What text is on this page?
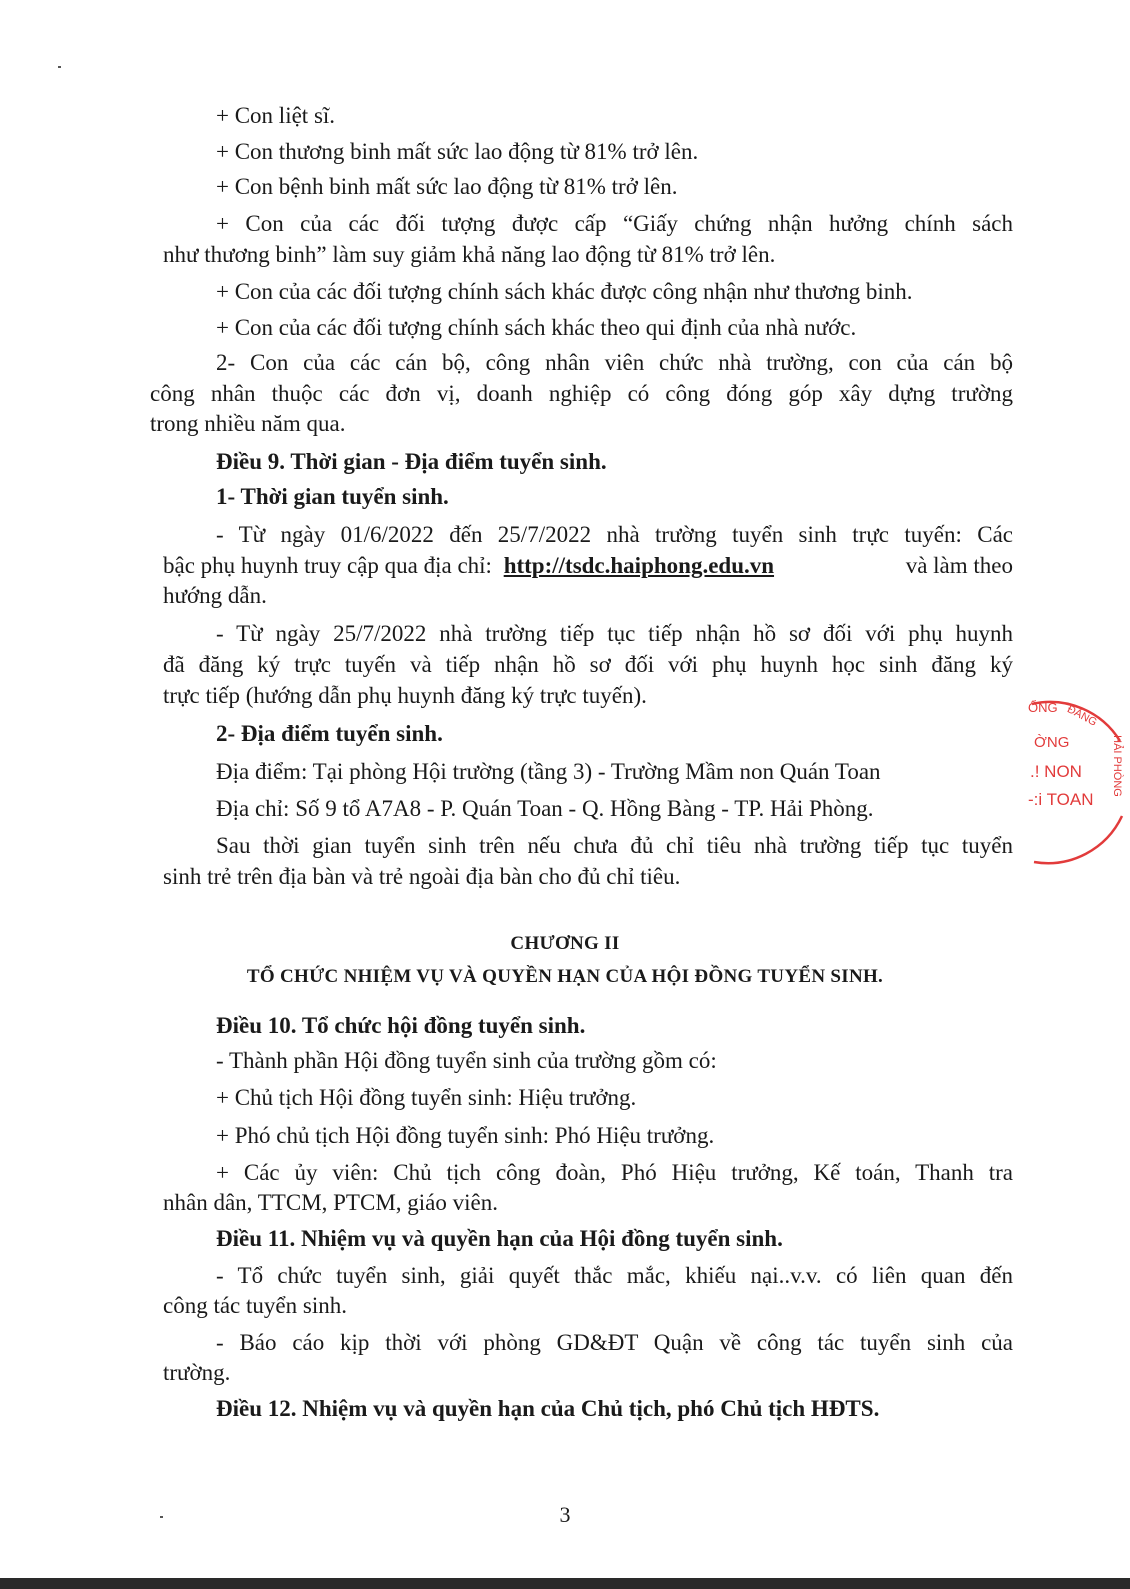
+ Con liệt sĩ.
+ Con thương binh mất sức lao động từ 81% trở lên.
+ Con bệnh binh mất sức lao động từ 81% trở lên.
+ Con của các đối tượng được cấp “Giấy chứng nhận hưởng chính sách
như thương binh” làm suy giảm khả năng lao động từ 81% trở lên.
+ Con của các đối tượng chính sách khác được công nhận như thương binh.
+ Con của các đối tượng chính sách khác theo qui định của nhà nước.
2- Con của các cán bộ, công nhân viên chức nhà trường, con của cán bộ
công nhân thuộc các đơn vị, doanh nghiệp có công đóng góp xây dựng trường
trong nhiều năm qua.
Điều 9. Thời gian - Địa điểm tuyển sinh.
1- Thời gian tuyển sinh.
- Từ ngày 01/6/2022 đến 25/7/2022 nhà trường tuyển sinh trực tuyến: Các
bậc phụ huynh truy cập qua địa chỉ: http://tsdc.haiphong.edu.vn	và làm theo
hướng dẫn.
- Từ ngày 25/7/2022 nhà trường tiếp tục tiếp nhận hồ sơ đối với phụ huynh
đã đăng ký trực tuyến và tiếp nhận hồ sơ đối với phụ huynh học sinh đăng ký
trực tiếp (hướng dẫn phụ huynh đăng ký trực tuyến).
2- Địa điểm tuyển sinh.
Địa điểm: Tại phòng Hội trường (tầng 3) - Trường Mầm non Quán Toan
Địa chỉ: Số 9 tổ A7A8 - P. Quán Toan - Q. Hồng Bàng - TP. Hải Phòng.
Sau thời gian tuyển sinh trên nếu chưa đủ chỉ tiêu nhà trường tiếp tục tuyển
sinh trẻ trên địa bàn và trẻ ngoài địa bàn cho đủ chỉ tiêu.
CHƯƠNG II
TỔ CHỨC NHIỆM VỤ VÀ QUYỀN HẠN CỦA HỘI ĐỒNG TUYỂN SINH.
Điều 10. Tổ chức hội đồng tuyển sinh.
- Thành phần Hội đồng tuyển sinh của trường gồm có:
+ Chủ tịch Hội đồng tuyển sinh: Hiệu trưởng.
+ Phó chủ tịch Hội đồng tuyển sinh: Phó Hiệu trưởng.
+ Các ủy viên: Chủ tịch công đoàn, Phó Hiệu trưởng, Kế toán, Thanh tra
nhân dân, TTCM, PTCM, giáo viên.
Điều 11. Nhiệm vụ và quyền hạn của Hội đồng tuyển sinh.
- Tổ chức tuyển sinh, giải quyết thắc mắc, khiếu nại..v.v. có liên quan đến
công tác tuyển sinh.
- Báo cáo kịp thời với phòng GD&ĐT Quận về công tác tuyển sinh của
trường.
Điều 12. Nhiệm vụ và quyền hạn của Chủ tịch, phó Chủ tịch HĐTS.
3
ỔNG
ỜNG
.! NON
-:i TOAN
ĐẲNG
HẢI PHÒNG
